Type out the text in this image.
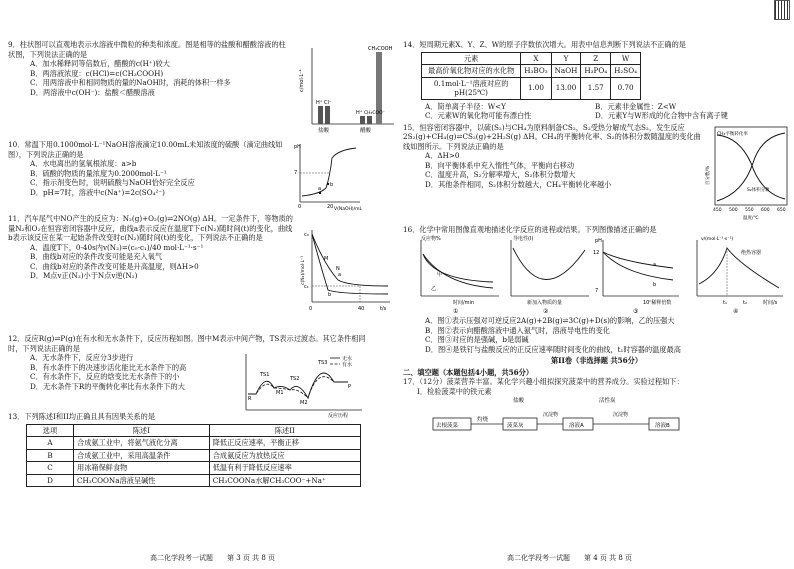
9．柱状图可以直观地表示水溶液中微粒的种类和浓度。图是相等的盐酸和醋酸溶液的柱状图，下列说法正确的是
A．加水稀释同等倍数后，醋酸的c(H⁺)较大
B．两溶液浓度：c(HCl)=c(CH₃COOH)
C．用两溶液中和相同物质的量的NaOH时，消耗的体积一样多
D．两溶液中c(OH⁻)：盐酸＜醋酸溶液	c/mol·L⁻¹
H⁺ Cl⁻
H⁺ CH₃COO⁻
CH₃COOH
盐酸	醋酸
10．常温下用0.1000mol·L⁻¹NaOH溶液滴定10.00mL未知浓度的硫酸（滴定曲线如图），下列说法正确的是
A．水电离出的氢氧根浓度：a>b
B．硫酸的物质的量浓度为0.2000mol·L⁻¹
C．指示剂变色时，说明硫酸与NaOH恰好完全反应
D．pH=7时，溶液中c(Na⁺)=2c(SO₄²⁻)
pH
7
a
b
0	20 V(NaOH)/mL
11．汽车尾气中NO产生的反应为：N₂(g)+O₂(g)⇌2NO(g) ΔH。一定条件下，等物质的量N₂和O₂在恒容密闭容器中反应，曲线a表示反应在温度T下c(N₂)随时间(t)的变化，曲线b表示该反应在某一起始条件改变时c(N₂)随时间(t)的变化，下列说法不正确的是
A．温度T下，0-40s内v(N₂)=(c₀-c₁)/40 mol·L⁻¹·s⁻¹
B．曲线b对应的条件改变可能是充入氧气
C．曲线b对应的条件改变可能是升高温度，则ΔH>0
D．M点v正(N₂)小于N点v逆(N₂)	c(N₂)/mol·L⁻¹
c₀
c₁
a
b
M
N
40	t/s
0
12．反应R(g)⇌P(g)在有水和无水条件下，反应历程如图。图中M表示中间产物，TS表示过渡态。其它条件相同时，下列说法正确的是
A．无水条件下，反应分3步进行
B．有水条件下的决速步活化能比无水条件下的高
C．有水条件下，反应的焓变比无水条件下的小
D．无水条件下R的平衡转化率比有水条件下的大
无水
有水
TS1
TS2
TS3
M1
M2
R
P
反应历程
13．下列陈述I和II均正确且具有因果关系的是
选项	陈述I	陈述II
A	合成氨工业中，将氨气液化分离	降低正反应速率，平衡正移
B	合成氨工业中，采用高温条件	合成氨反应为放热反应
C	用冰箱保鲜食物	低温有利于降低反应速率
D	CH₃COONa溶液呈碱性	CH₃COONa水解CH₃COO⁻+Na⁺
高二化学段考一试题　　第 3 页 共 8 页
14．短周期元素X、Y、Z、W的原子序数依次增大。用表中信息判断下列说法不正确的是
元素	X	Y	Z	W
最高价氧化物对应的水化物	H₃BO₃	NaOH	H₃PO₄	H₂SO₄
0.1mol·L⁻¹溶液对应的pH(25℃)	1.00	13.00	1.57	0.70
A．简单离子半径：W<Y	B．元素非金属性：Z<W
C．元素W的氧化物可能有漂白性	D．元素Y与W形成的化合物中含有离子键
15．恒容密闭容器中，以硫(S₂)与CH₄为原料制备CS₂，S₂受热分解成气态S₂，发生反应2S₂(g)+CH₄(g)⇌CS₂(g)+2H₂S(g) ΔH。CH₄的平衡转化率、S₂的体积分数随温度的变化曲线如图所示。下列说法正确的是
A．ΔH>0
B．向平衡体系中充入惰性气体，平衡向右移动
C．温度升高，S₂分解率增大，S₂体积分数增大
D．其他条件相同，S₂体积分数越大，CH₄平衡转化率越小
CH₄平衡转化率
S₂体积分数
百分数/%
450 500 550 600 650
温度/℃
16．化学中常用图像直观地描述化学反应的进程或结果。下列图像描述正确的是
反应物%
甲
乙
时间/min
①
导电性(I)
新加入物质的量
②
pH
12
7
a
b
10ⁿ稀释倍数
③
v/(mol·L⁻¹·s⁻¹)
绝热容器
t₁	t₂	时间/s
④
A．图①表示压强对可逆反应2A(g)+2B(g)⇌3C(g)+D(s)的影响，乙的压强大
B．图②表示向醋酸溶液中通入氨气时，溶液导电性的变化
C．图③对应的是强碱，b是弱碱
D．图④是铁钉与盐酸反应的正反应速率随时间变化的曲线，t₁时容器的温度最高
第II卷（非选择题 共56分）
二、填空题（本题包括4小题，共56分）
17．（12分）菠菜营养丰富。某化学兴趣小组拟探究菠菜中的营养成分。实验过程如下：
I．检验菠菜中的铁元素
去根菠菜
灼烧
菠菜灰
盐酸
沉淀物
溶液A
活性炭
沉淀物
溶液B
高二化学段考一试题　　第 4 页 共 8 页
